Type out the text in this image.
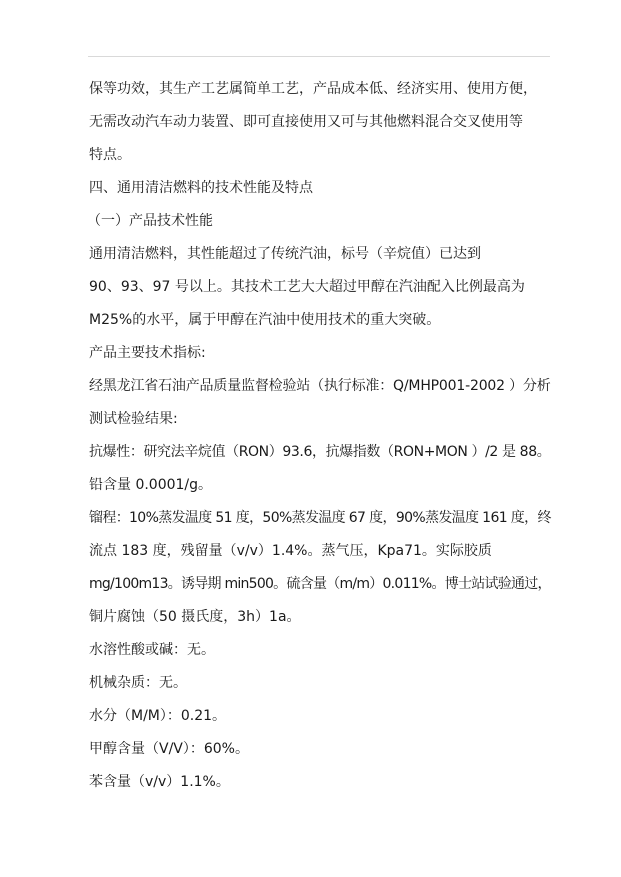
保等功效，其生产工艺属简单工艺，产品成本低、经济实用、使用方便，
无需改动汽车动力装置、即可直接使用又可与其他燃料混合交叉使用等
特点。
四、通用清洁燃料的技术性能及特点
（一）产品技术性能
通用清洁燃料，其性能超过了传统汽油，标号（辛烷值）已达到
90、93、97 号以上。其技术工艺大大超过甲醇在汽油配入比例最高为
M25%的水平，属于甲醇在汽油中使用技术的重大突破。
产品主要技术指标:
经黑龙江省石油产品质量监督检验站（执行标准：Q/MHP001-2002 ）分析
测试检验结果:
抗爆性：研究法辛烷值（RON）93.6，抗爆指数（RON+MON ）/2 是 88。
铅含量 0.0001/g。
镏程：10%蒸发温度 51 度，50%蒸发温度 67 度，90%蒸发温度 161 度，终
流点 183 度，残留量（v/v）1.4%。蒸气压，Kpa71。实际胶质
mg/100m13。诱导期 min500。硫含量（m/m）0.011%。博士站试验通过，
铜片腐蚀（50 摄氏度，3h）1a。
水溶性酸或碱：无。
机械杂质：无。
水分（M/M）：0.21。
甲醇含量（V/V）：60%。
苯含量（v/v）1.1%。
